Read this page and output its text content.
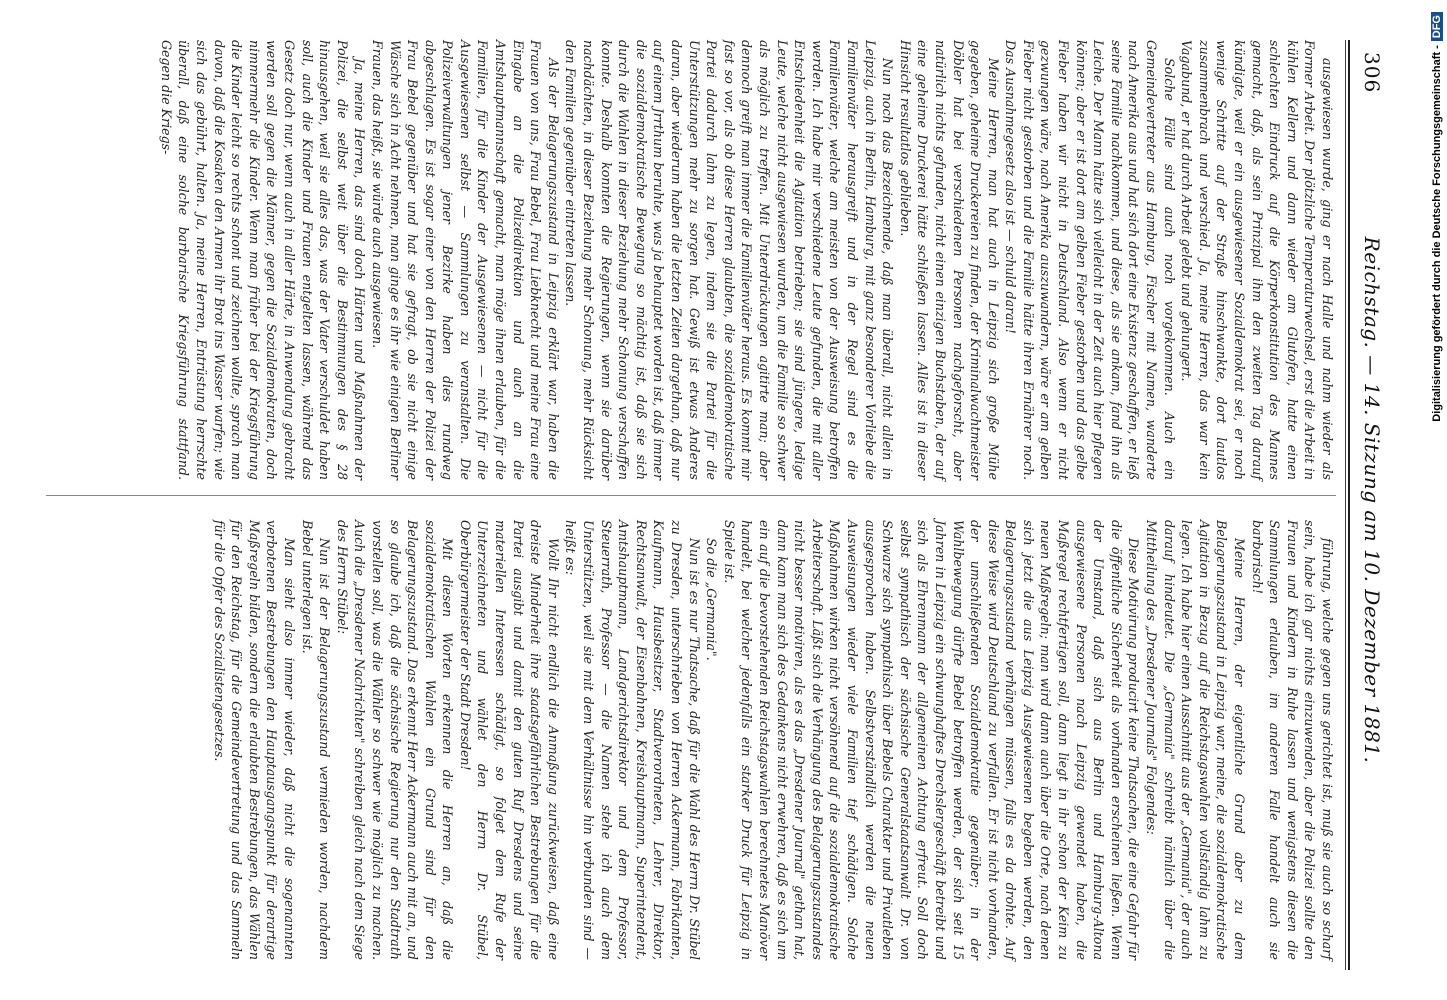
306
Reichstag. — 14. Sitzung am 10. Dezember 1881.

ausgewiesen wurde, ging er nach Halle und nahm wieder als Former Arbeit. Der plötzliche Temperaturwechsel, erst die Arbeit in kühlen Kellern und dann wieder am Glutofen, hatte einen schlechten Eindruck auf die Körperkonstitution des Mannes gemacht, daß, als sein Prinzipal ihm den zweiten Tag darauf kündigte, weil er ein ausgewiesener Sozialdemokrat sei, er noch wenige Schritte auf der Straße hinschwankte, dort lautlos zusammenbrach und verschied. Ja, meine Herren, das war kein Vagabund, er hat durch Arbeit gelebt und gehungert.

Solche Fälle sind auch noch vorgekommen. Auch ein Gemeindevertreter aus Hamburg, Fischer mit Namen, wanderte nach Amerika aus und hat sich dort eine Existenz geschaffen, er ließ seine Familie nachkommen, und diese, als sie ankam, fand ihn als Leiche. Der Mann hätte sich vielleicht in der Zeit auch hier pflegen können; aber er ist dort am gelben Fieber gestorben und das gelbe Fieber haben wir nicht in Deutschland. Also wenn er nicht gezwungen wäre, nach Amerika auszuwandern, wäre er am gelben Fieber nicht gestorben und die Familie hätte ihren Ernährer noch. Das Ausnahmegesetz also ist — schuld daran!

Meine Herren, man hat auch in Leipzig sich große Mühe gegeben, geheime Druckereien zu finden, der Kriminalwachtmeister Döbler hat bei verschiedenen Personen nachgeforscht, aber natürlich nichts gefunden, nicht einen einzigen Buchstaben, der auf eine geheime Druckerei hätte schließen lassen. Alles ist in dieser Hinsicht resultatlos geblieben.

Nun noch das Bezeichnende, daß man überall, nicht allein in Leipzig, auch in Berlin, Hamburg, mit ganz besonderer Vorliebe die Familienväter herausgreift und in der Regel sind es die Familienväter, welche am meisten von der Ausweisung betroffen werden. Ich habe mir verschiedene Leute gefunden, die mit aller Entschiedenheit die Agitation betrieben; sie sind jüngere, ledige Leute, welche nicht ausgewiesen wurden, um die Familie so schwer als möglich zu treffen. Mit Unterdrückungen agitirte man; aber dennoch greift man immer die Familienväter heraus. Es kommt mir fast so vor, als ob diese Herren glaubten, die sozialdemokratische Partei dadurch lahm zu legen, indem sie die Partei für die Unterstützungen mehr zu sorgen hat. Gewiß ist etwas Anderes daran, aber wiederum haben die letzten Zeiten dargethan, daß nur auf einem Jrrthum beruhte, was ja behauptet worden ist, daß immer die sozialdemokratische Bewegung so mächtig ist, daß sie sich durch die Wahlen in dieser Beziehung mehr Schonung verschaffen konnte. Deshalb konnten die Regierungen, wenn sie darüber nachdächten, in dieser Beziehung mehr Schonung, mehr Rücksicht den Familien gegenüber eintreten lassen.

Als der Belagerungszustand in Leipzig erklärt war, haben die Frauen von uns, Frau Bebel, Frau Liebknecht und meine Frau eine Eingabe an die Polizeidirektion und auch an die Amtshauptmannschaft gemacht, man möge ihnen erlauben, für die Familien, für die Kinder der Ausgewiesenen — nicht für die Ausgewiesenen selbst — Sammlungen zu veranstalten. Die Polizeiverwaltungen jener Bezirke haben dies rundweg abgeschlagen. Es ist sogar einer von den Herren der Polizei der Frau Bebel gegenüber und hat sie gefragt, ob sie nicht einige Wäsche sich in Acht nehmen, man ginge es ihr wie einigen Berliner Frauen, das heißt, sie würde auch ausgewiesen.

Ja, meine Herren, das sind doch Härten und Maßnahmen der Polizei, die selbst weit über die Bestimmungen des § 28 hinausgehen, weil sie alles das, was der Vater verschuldet haben soll, auch die Kinder und Frauen entgelten lassen, während das Gesetz doch nur, wenn auch in aller Härte, in Anwendung gebracht werden soll gegen die Männer, gegen die Sozialdemokraten, doch nimmermehr die Kinder. Wenn man früher bei der Kriegsführung die Kinder leicht so rechts schont und zeichnen wollte, sprach man davon, daß die Kosaken den Armen ihr Brot ins Wasser warfen; wie sich das gebührt, halten. Ja, meine Herren, Entrüstung herrschte überall, daß eine solche barbarische Kriegsführung stattfand. Gegen die Kriegs-

führung, welche gegen uns gerichtet ist, muß sie auch so scharf sein, habe ich gar nichts einzuwenden, aber die Polizei sollte den Frauen und Kindern in Ruhe lassen und wenigstens diesen die Sammlungen erlauben, im anderen Falle handelt auch sie barbarisch!

Meine Herren, der eigentliche Grund aber zu dem Belagerungszustand in Leipzig war, meine, die sozialdemokratische Agitation in Bezug auf die Reichstagswahlen vollständig lahm zu legen. Ich habe hier einen Ausschnitt aus der „Germania", der auch darauf hindeutet. Die „Germania" schreibt nämlich über die Mittheilung des „Dresdener Journals" Folgendes:

Diese Motivirung producirt keine Thatsachen, die eine Gefahr für die öffentliche Sicherheit als vorhanden erscheinen ließen. Wenn der Umstand, daß sich aus Berlin und Hamburg-Altona ausgewiesene Personen nach Leipzig gewendet haben, die Maßregel rechtfertigen soll, dann liegt in ihr schon der Keim zu neuen Maßregeln; man wird dann auch über die Orte, nach denen sich jetzt die aus Leipzig Ausgewiesenen begeben werden, den Belagerungszustand verhängen müssen, falls es da drohte. Auf diese Weise wird Deutschland zu verfallen. Er ist nicht vorhanden, der umschließenden Sozialdemokratie gegenüber; in der Wahlbewegung dürfte Bebel betroffen werden, der sich seit 15 Jahren in Leipzig ein schwunghaftes Drechslergeschäft betreibt und sich als Ehrenmann der allgemeinen Achtung erfreut. Soll doch selbst sympathisch der sächsische Generalstaatsanwalt Dr. von Schwarze sich sympathisch über Bebels Charakter und Privatleben ausgesprochen haben. Selbstverständlich werden die neuen Ausweisungen wieder viele Familien tief schädigen. Solche Maßnahmen wirken nicht versöhnend auf die sozialdemokratische Arbeiterschaft. Läßt sich die Verhängung des Belagerungszustandes nicht besser motiviren, als es das „Dresdener Journal" gethan hat, dann kann man sich des Gedankens nicht erwehren, daß es sich um ein auf die bevorstehenden Reichstagswahlen berechnetes Manöver handelt, bei welcher jedenfalls ein starker Druck für Leipzig in Spiele ist.

So die „Germania".

Nun ist es nur Thatsache, daß für die Wahl des Herrn Dr. Stübel zu Dresden, unterschrieben von Herren Ackermann, Fabrikanten, Kaufmann, Hausbesitzer, Stadtverordneten, Lehrer, Direktor, Rechtsanwalt, der Eisenbahnen, Kreishauptmann, Superintendent, Amtshauptmann, Landgerichtsdirektor und dem Professor, Steuerrath, Professor — die Namen stehe ich auch dem Unterstützen, weil sie mit dem Verhältnisse hin verbunden sind — heißt es:

Wollt Ihr nicht endlich die Anmaßung zurückweisen, daß eine dreiste Minderheit ihre staatsgefährlichen Bestrebungen für die Partei ausgibt und damit den guten Ruf Dresdens und seine materiellen Interessen schädigt, so folget dem Rufe der Unterzeichneten und wählet den Herrn Dr. Stübel, Oberbürgermeister der Stadt Dresden!

Mit diesen Worten erkennen die Herren an, daß die sozialdemokratischen Wahlen ein Grund sind für den Belagerungszustand. Das erkennt Herr Ackermann auch mit an, und so glaube ich, daß die sächsische Regierung nur den Stadtrath vorstellen soll, was die Wähler so schwer wie möglich zu machen. Auch die „Dresdener Nachrichten" schreiben gleich nach dem Siege des Herrn Stübel:

Nun ist der Belagerungszustand vermieden worden, nachdem Bebel unterlegen ist.

Man sieht also immer wieder, daß nicht die sogenannten verbotenen Bestrebungen den Hauptausgangspunkt für derartige Maßregeln bilden, sondern die erlaubten Bestrebungen, das Wählen für den Reichstag, für die Gemeindevertretung und das Sammeln für die Opfer des Sozialistengesetzes.

Digitalisierung gefördert durch die Deutsche Forschungsgemeinschaft -DFG
